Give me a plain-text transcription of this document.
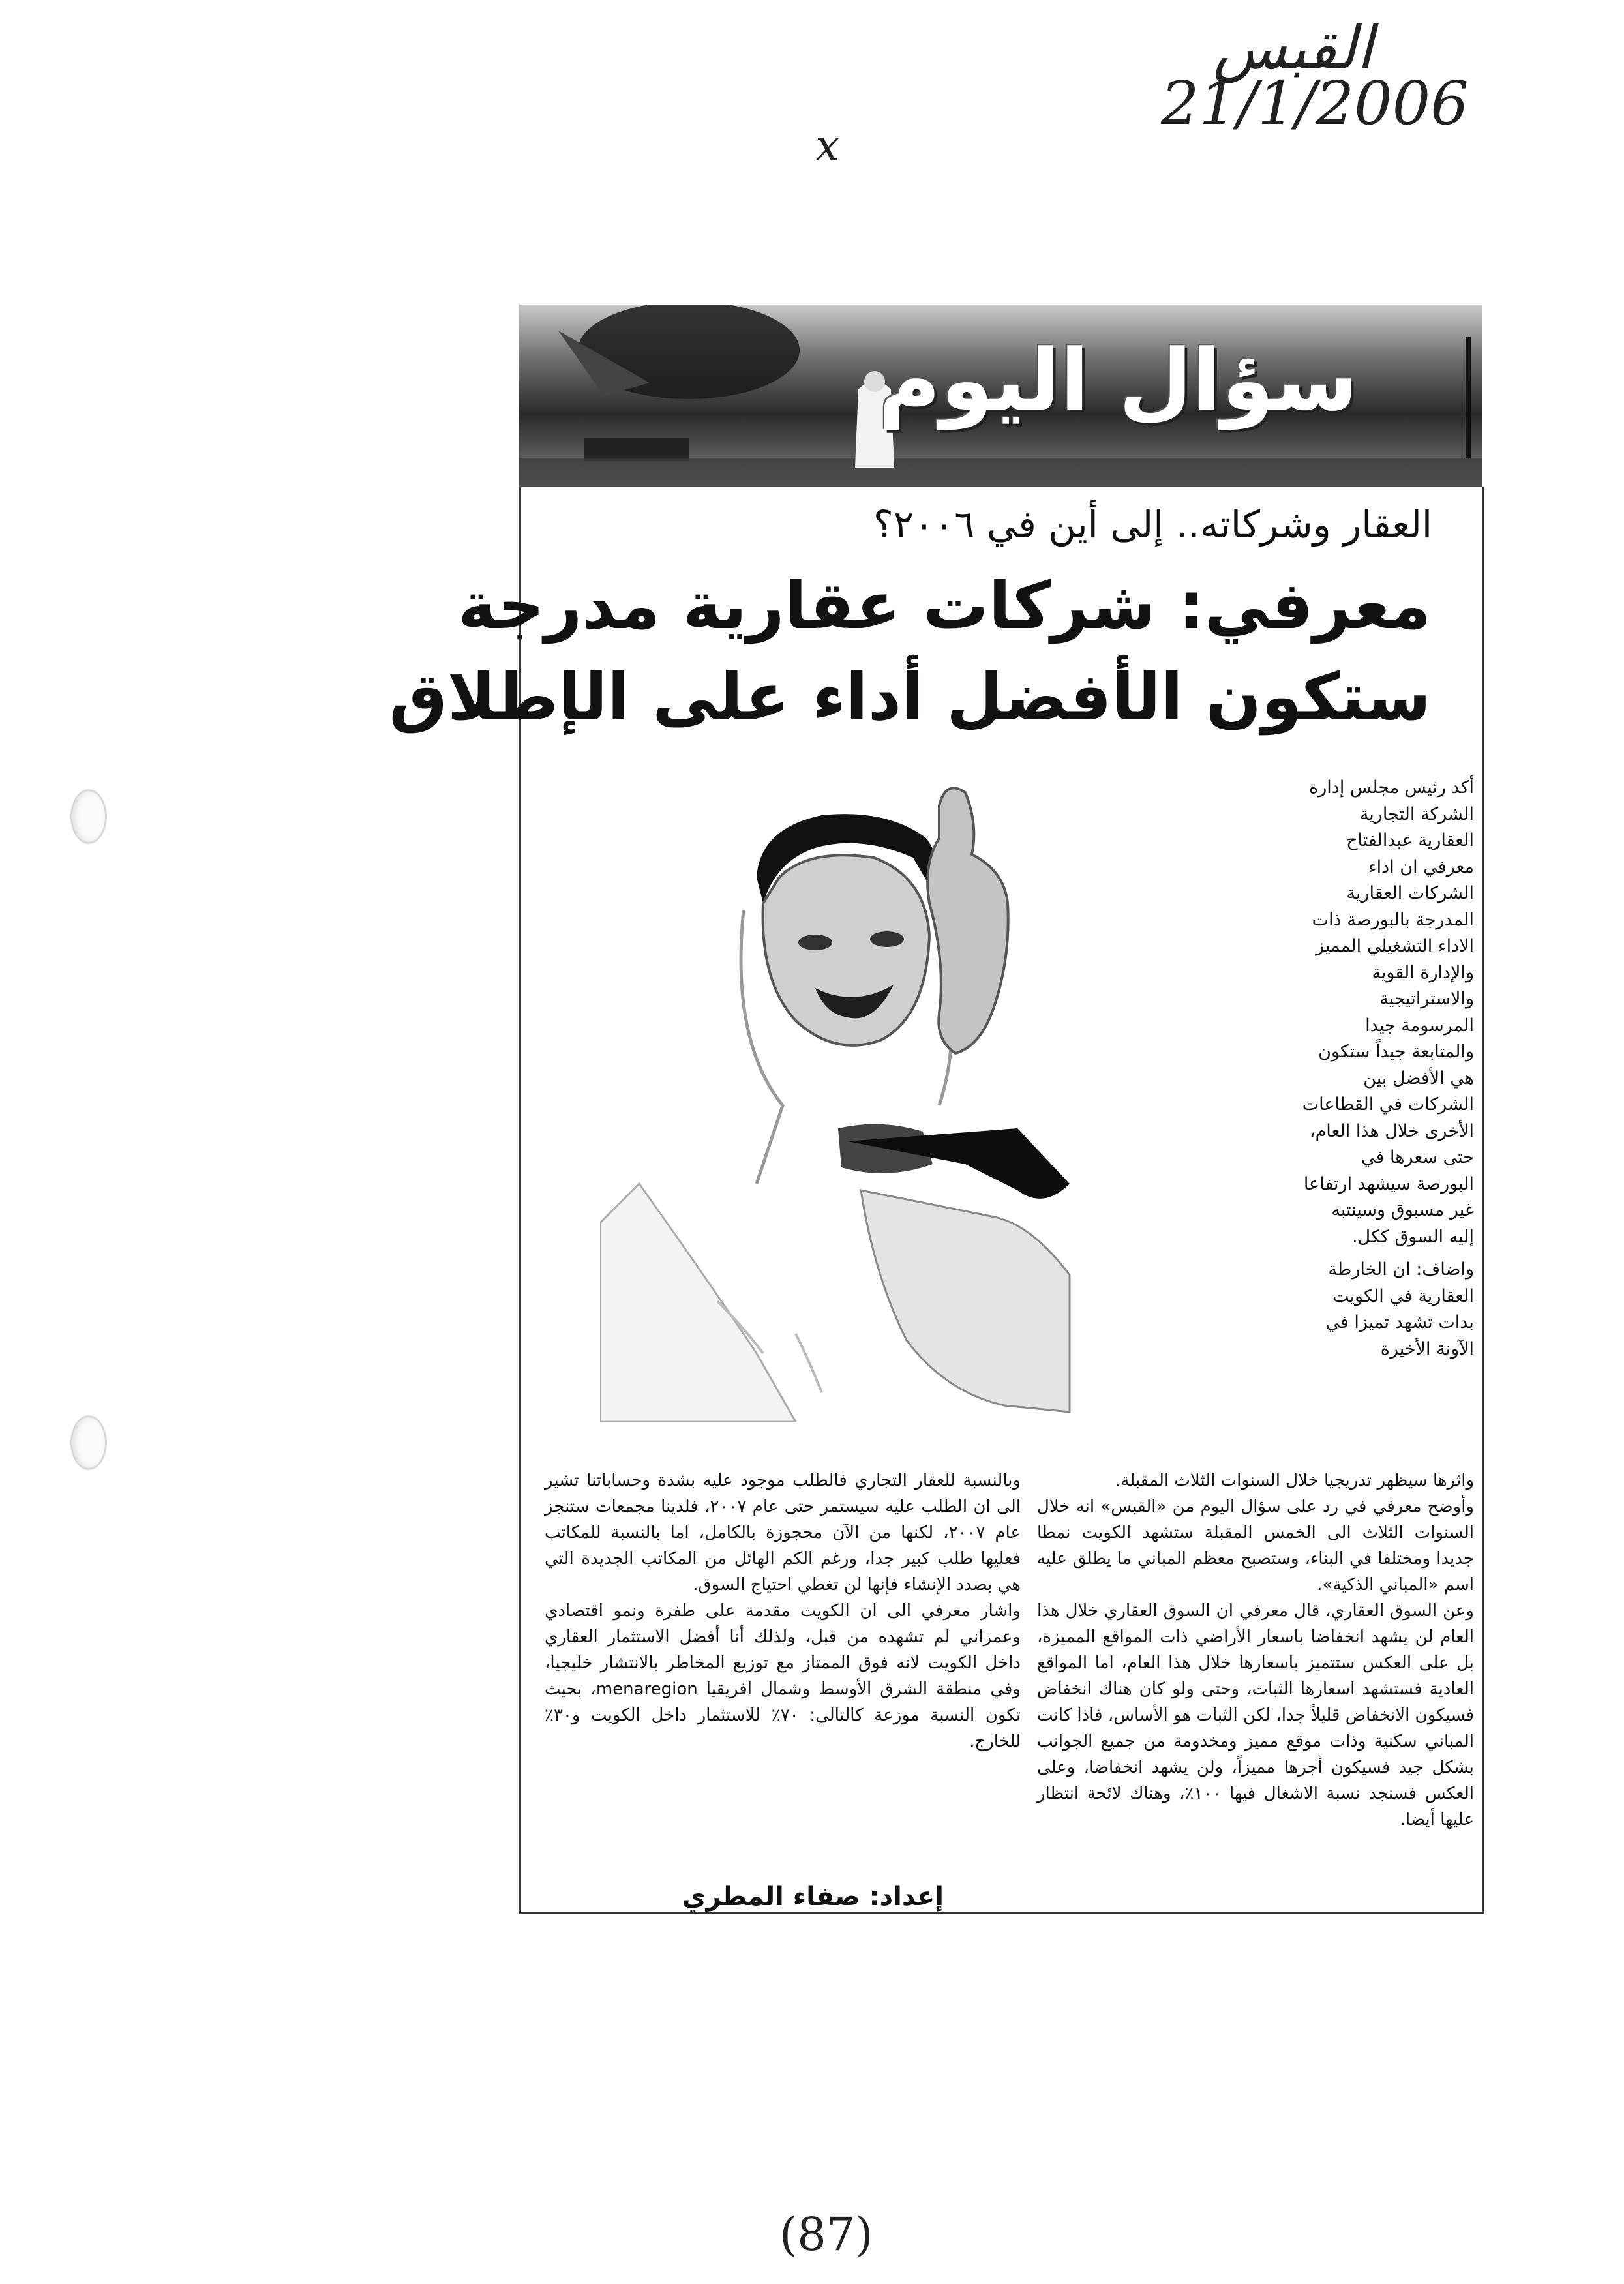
القبس
21/1/2006
x
(87)
سؤال اليوم
العقار وشركاته.. إلى أين في ٢٠٠٦؟
معرفي: شركات عقارية مدرجة
ستكون الأفضل أداء على الإطلاق

أكد رئيس مجلس إدارة الشركة التجارية العقارية عبدالفتاح معرفي ان اداء الشركات العقارية المدرجة بالبورصة ذات الاداء التشغيلي المميز والإدارة القوية والاستراتيجية المرسومة جيدا والمتابعة جيداً ستكون هي الأفضل بين الشركات في القطاعات الأخرى خلال هذا العام، حتى سعرها في البورصة سيشهد ارتفاعا غير مسبوق وسينتبه إليه السوق ككل.

واضاف: ان الخارطة العقارية في الكويت بدات تشهد تميزا في الآونة الأخيرة

واثرها سيظهر تدريجيا خلال السنوات الثلاث المقبلة.

وأوضح معرفي في رد على سؤال اليوم من «القبس» انه خلال السنوات الثلاث الى الخمس المقبلة ستشهد الكويت نمطا جديدا ومختلفا في البناء، وستصبح معظم المباني ما يطلق عليه اسم «المباني الذكية».

وعن السوق العقاري، قال معرفي ان السوق العقاري خلال هذا العام لن يشهد انخفاضا باسعار الأراضي ذات المواقع المميزة، بل على العكس ستتميز باسعارها خلال هذا العام، اما المواقع العادية فستشهد اسعارها الثبات، وحتى ولو كان هناك انخفاض فسيكون الانخفاض قليلاً جدا، لكن الثبات هو الأساس، فاذا كانت المباني سكنية وذات موقع مميز ومخدومة من جميع الجوانب بشكل جيد فسيكون أجرها مميزاً، ولن يشهد انخفاضا، وعلى العكس فسنجد نسبة الاشغال فيها ١٠٠٪، وهناك لائحة انتظار عليها أيضا.

وبالنسبة للعقار التجاري فالطلب موجود عليه بشدة وحساباتنا تشير الى ان الطلب عليه سيستمر حتى عام ٢٠٠٧، فلدينا مجمعات ستنجز عام ٢٠٠٧، لكنها من الآن محجوزة بالكامل، اما بالنسبة للمكاتب فعليها طلب كبير جدا، ورغم الكم الهائل من المكاتب الجديدة التي هي بصدد الإنشاء فإنها لن تغطي احتياج السوق.

واشار معرفي الى ان الكويت مقدمة على طفرة ونمو اقتصادي وعمراني لم تشهده من قبل، ولذلك أنا أفضل الاستثمار العقاري داخل الكويت لانه فوق الممتاز مع توزيع المخاطر بالانتشار خليجيا، وفي منطقة الشرق الأوسط وشمال افريقيا menaregion، بحيث تكون النسبة موزعة كالتالي: ٧٠٪ للاستثمار داخل الكويت و٣٠٪ للخارج.

إعداد: صفاء المطري
